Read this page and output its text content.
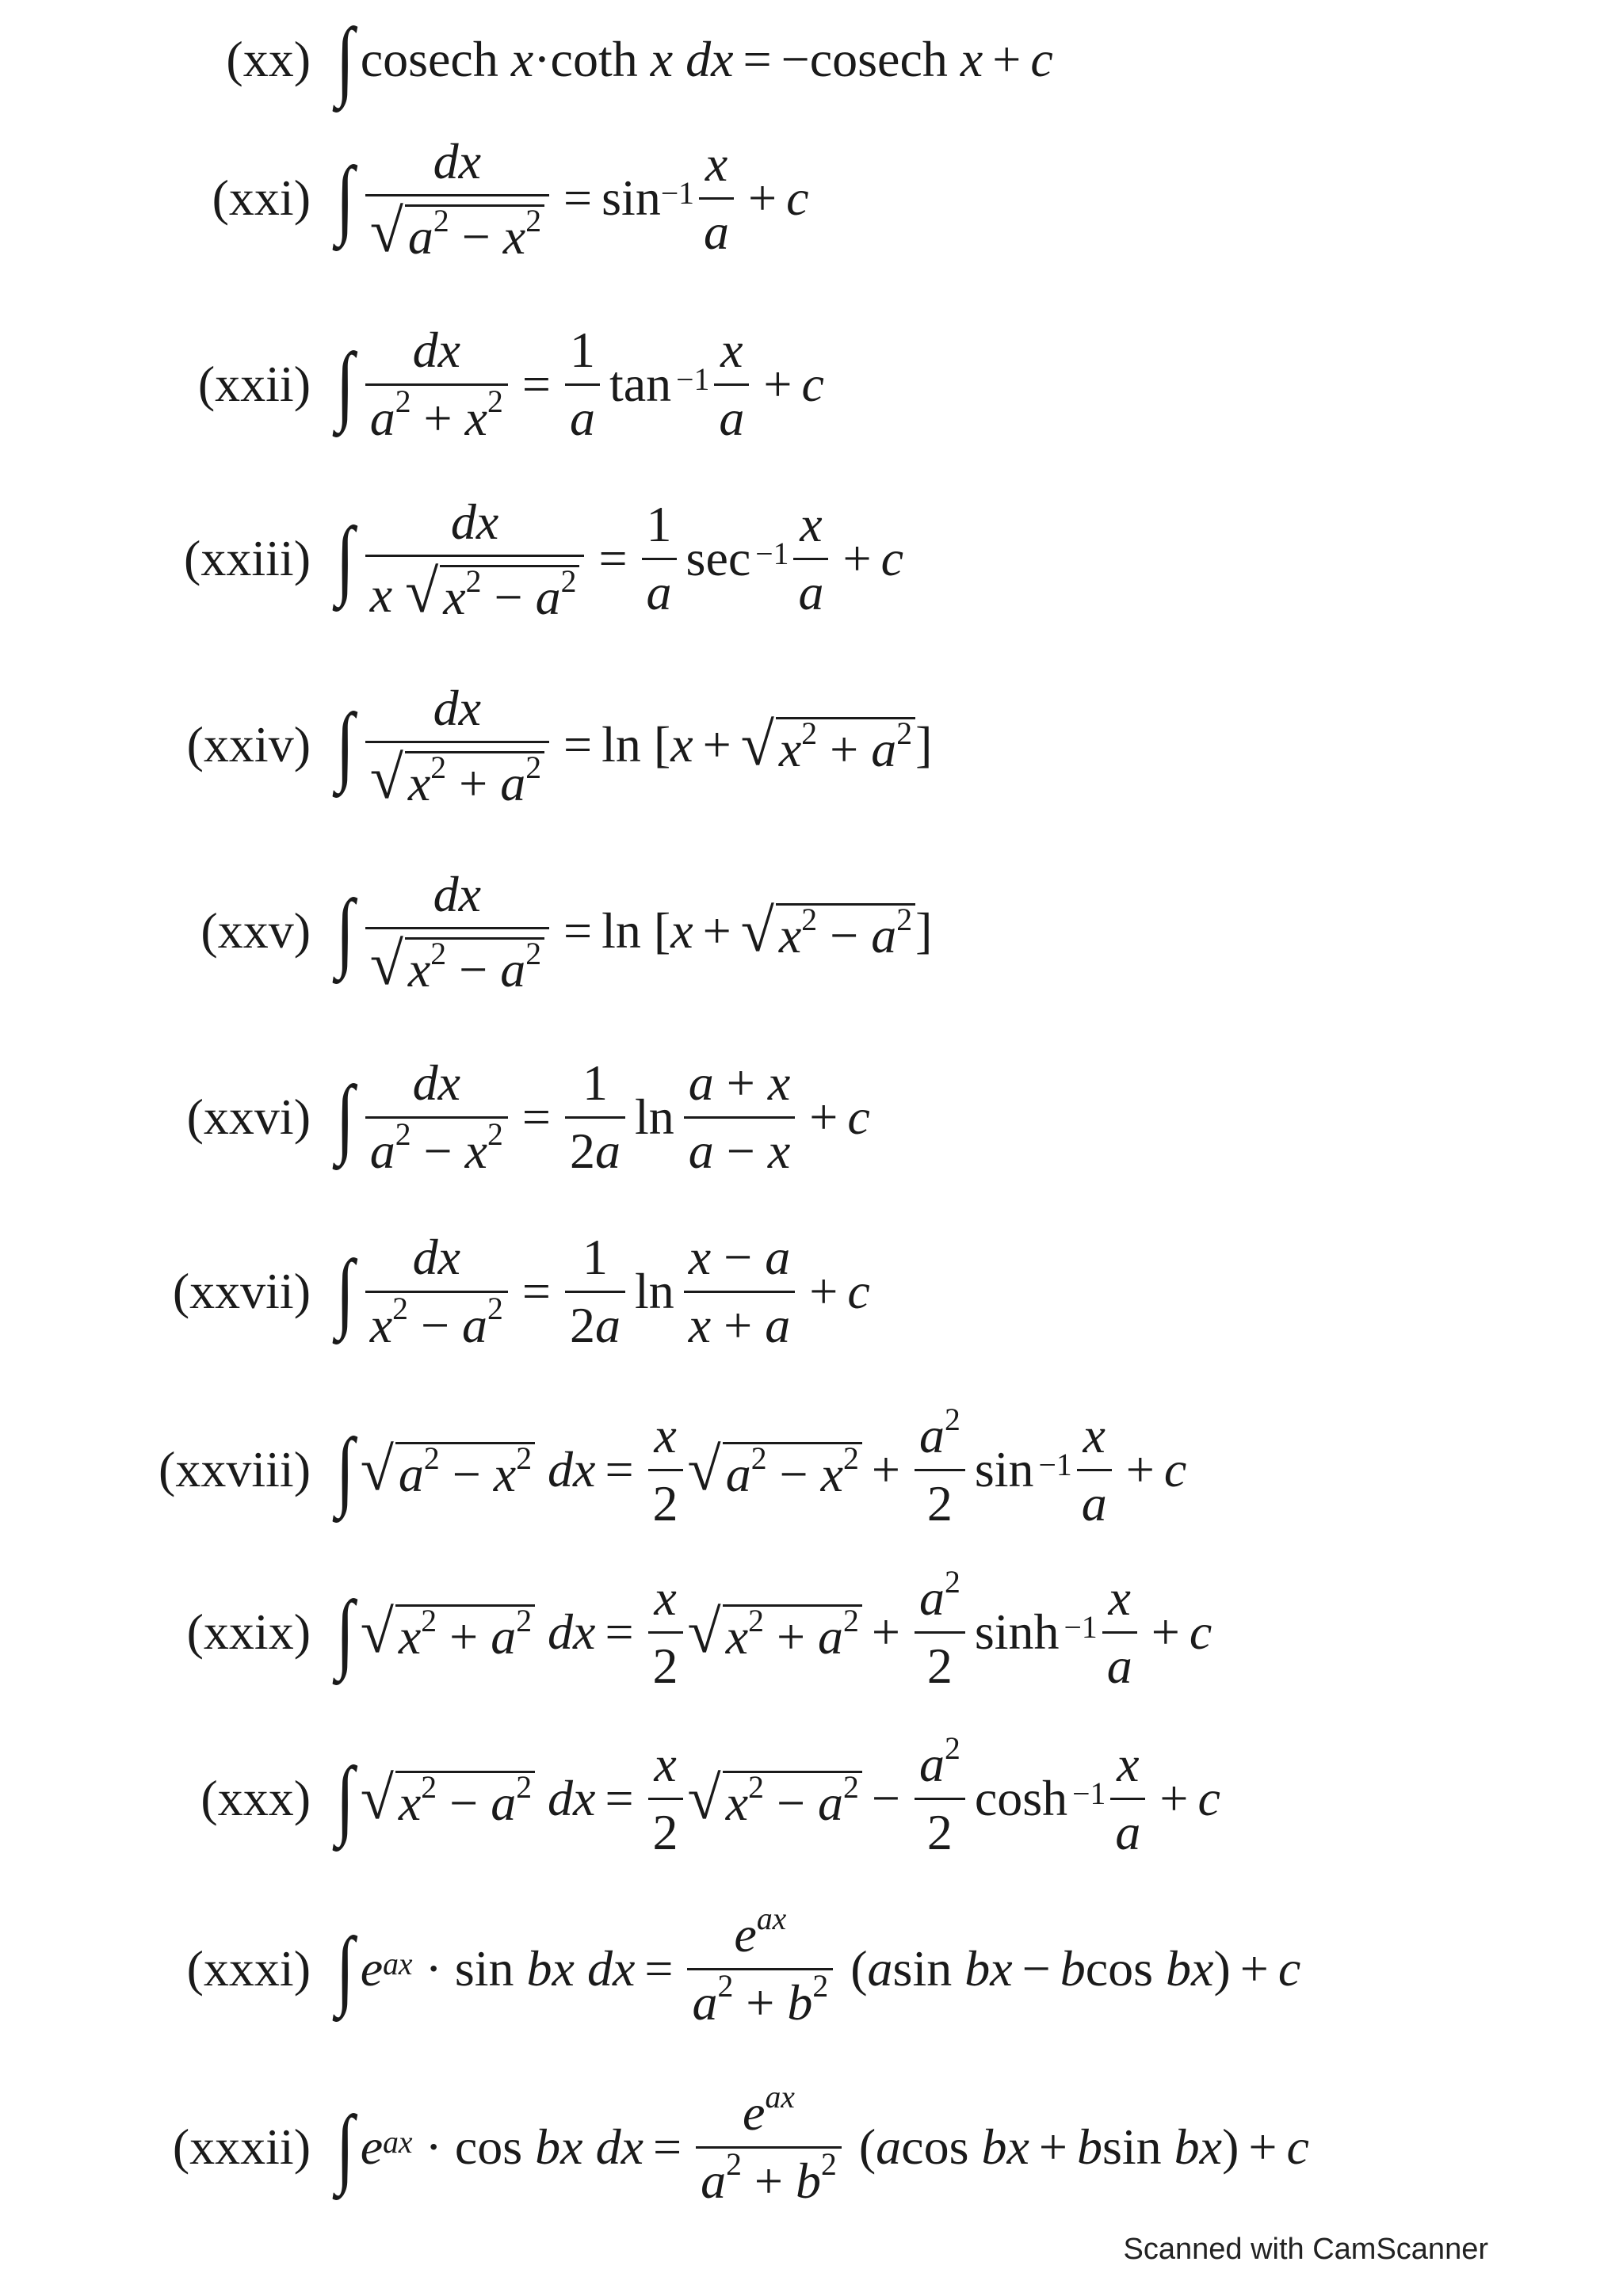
(xx) ∫ cosech
x · coth
x
dx = − cosech
x + c
(xxi) ∫ $\frac{dx}{√ a^2 - x^2} = \sin^{-1} \frac{x}{a} + c$
(xxii) ∫ $\frac{dx}{a^2 + x^2} = \frac{1}{a} \tan^{-1} \frac{x}{a} + c$
(xxiii) ∫ $\frac{dx}{x √ x^2 - a^2} = \frac{1}{a} \sec^{-1} \frac{x}{a} + c$
(xxiv) ∫ $\frac{dx}{√ x^2 + a^2} = \ln$ [ x + √ $x^2 + a^2$ ]
(xxv) ∫ $\frac{dx}{√ x^2 - a^2} = \ln$ [ x + √ $x^2 - a^2$ ]
(xxvi) ∫ $\frac{dx}{a^2 - x^2} = \frac{1}{2a}$ $\ln \frac{a + x}{a - x} + c$
(xxvii) ∫ $\frac{dx}{x^2 - a^2} = \frac{1}{2a}$ $\ln \frac{x - a}{x + a} + c$
(xxviii) ∫ √ $a^2 - x^2$
dx = $\frac{x}{2}$ √ $a^2 - x^2 + \frac{a^2}{2} \sin^{-1} \frac{x}{a} + c$
(xxix) ∫ √ $x^2 + a^2$
dx = $\frac{x}{2}$ √ $x^2 + a^2 + \frac{a^2}{2} \sinh^{-1} \frac{x}{a} + c$
(xxx) ∫ √ $x^2 - a^2$
dx = $\frac{x}{2}$ √ $x^2 - a^2 - \frac{a^2}{2} \cosh^{-1} \frac{x}{a} + c$
(xxxi) ∫ e $^{ax}$ · sin
bx
dx = $\frac{e^{ax}}{a^2 + b^2}$ ( a sin
bx − b cos
bx ) + c
(xxxii) ∫ e $^{ax}$ · cos
bx
dx = $\frac{e^{ax}}{a^2 + b^2}$ ( a cos
bx + b sin
bx ) + c
Scanned with CamScanner
